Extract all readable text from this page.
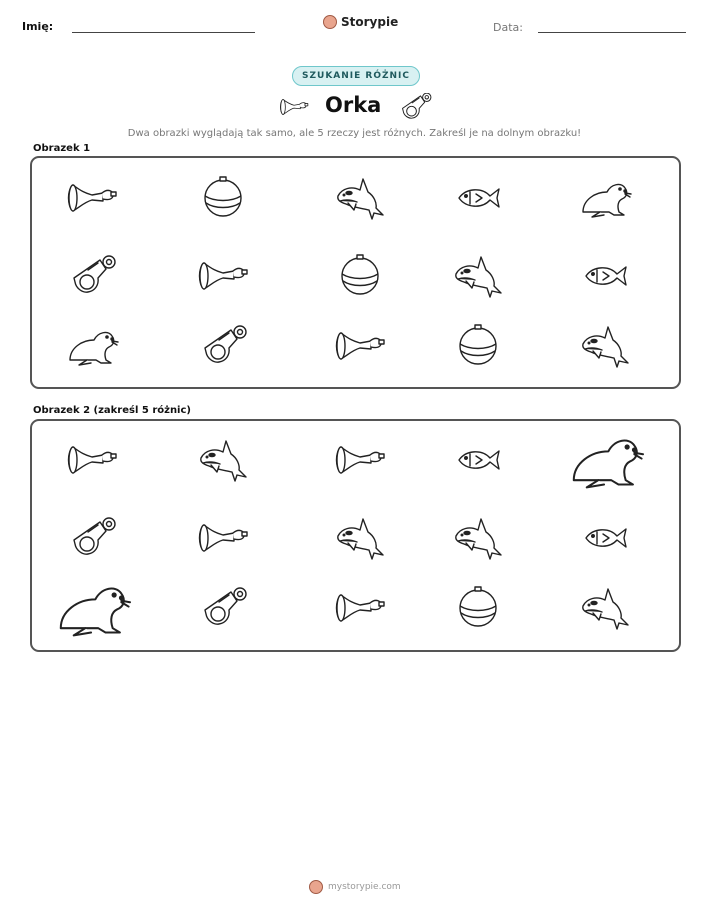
Imię:	Storypie	Data:
SZUKANIE RÓŻNIC
Orka
Dwa obrazki wyglądają tak samo, ale 5 rzeczy jest różnych. Zakreśl je na dolnym obrazku!
Obrazek 1
Obrazek 2 (zakreśl 5 różnic)
mystorypie.com
